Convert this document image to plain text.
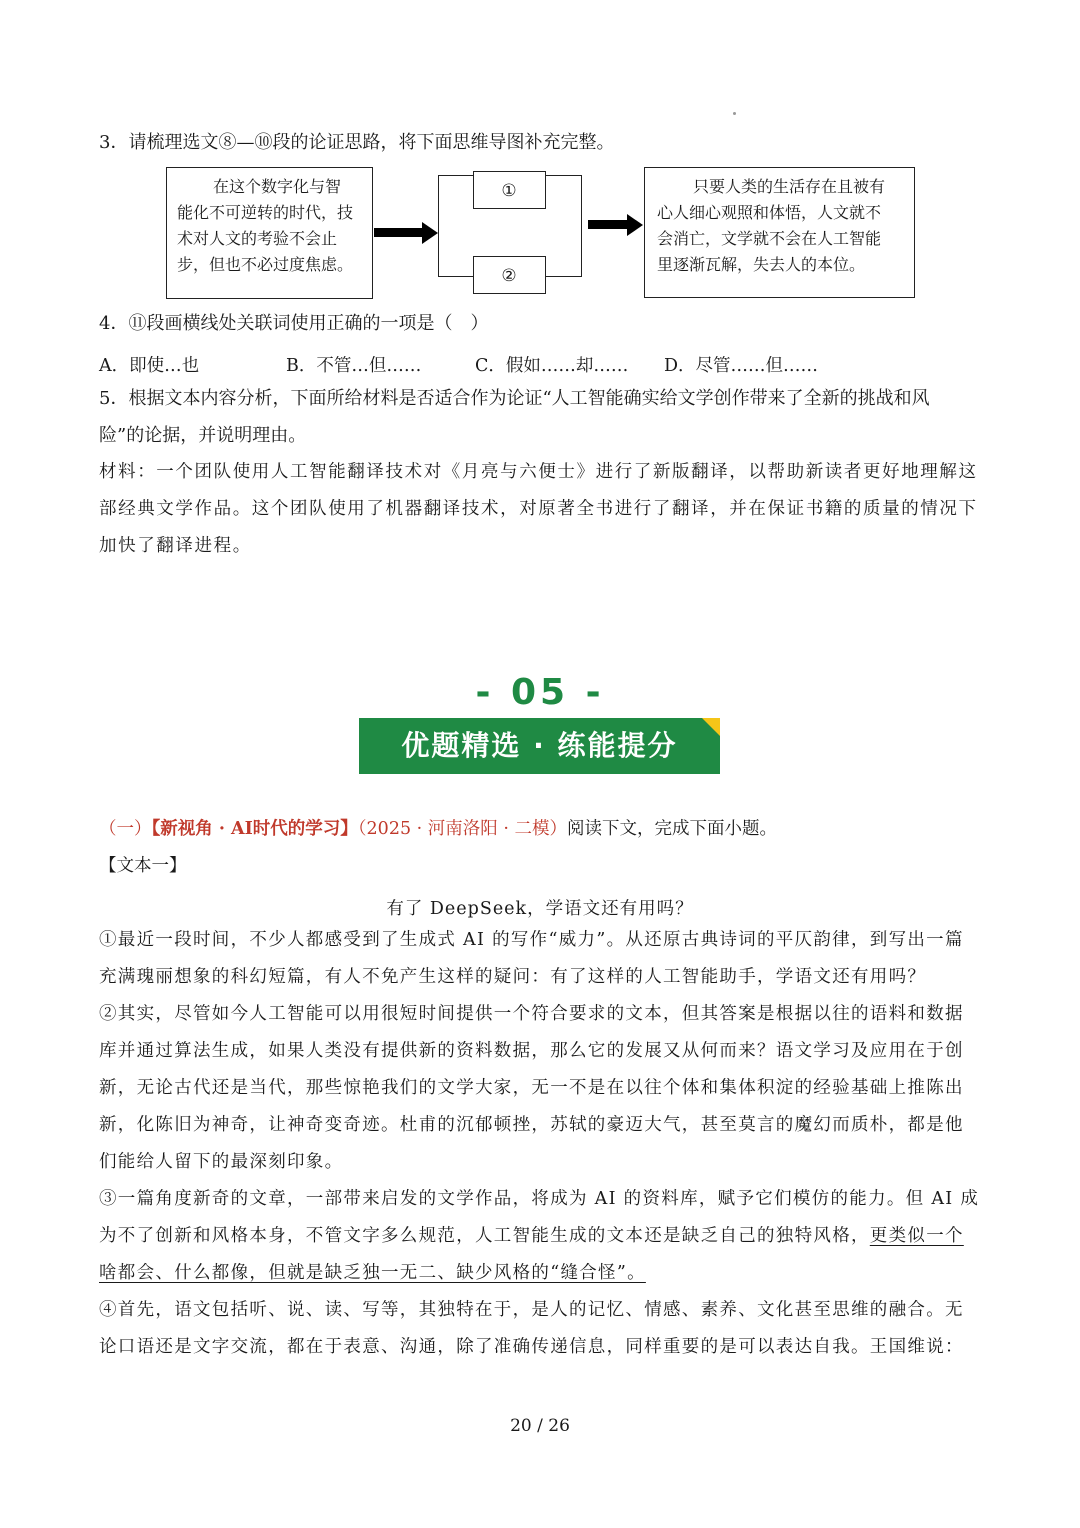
3．请梳理选文⑧—⑩段的论证思路，将下面思维导图补充完整。

在这个数字化与智

能化不可逆转的时代，技

术对人文的考验不会止

步，但也不必过度焦虑。

①
②

只要人类的生活存在且被有

心人细心观照和体悟，人文就不

会消亡，文学就不会在人工智能

里逐渐瓦解，失去人的本位。

4．⑪段画横线处关联词使用正确的一项是（　）
A．即使…也	B．不管…但……	C．假如……却…… D．尽管……但……
5．根据文本内容分析，下面所给材料是否适合作为论证“人工智能确实给文学创作带来了全新的挑战和风
险”的论据，并说明理由。
材料：一个团队使用人工智能翻译技术对《月亮与六便士》进行了新版翻译，以帮助新读者更好地理解这
部经典文学作品。这个团队使用了机器翻译技术，对原著全书进行了翻译，并在保证书籍的质量的情况下
加快了翻译进程。
- 05 -
优题精选 · 练能提分
（一）【新视角 · AI时代的学习】（2025 · 河南洛阳 · 二模）阅读下文，完成下面小题。
【文本一】
有了 DeepSeek，学语文还有用吗？
①最近一段时间，不少人都感受到了生成式 AI 的写作“威力”。从还原古典诗词的平仄韵律，到写出一篇
充满瑰丽想象的科幻短篇，有人不免产生这样的疑问：有了这样的人工智能助手，学语文还有用吗？
②其实，尽管如今人工智能可以用很短时间提供一个符合要求的文本，但其答案是根据以往的语料和数据
库并通过算法生成，如果人类没有提供新的资料数据，那么它的发展又从何而来？语文学习及应用在于创
新，无论古代还是当代，那些惊艳我们的文学大家，无一不是在以往个体和集体积淀的经验基础上推陈出
新，化陈旧为神奇，让神奇变奇迹。杜甫的沉郁顿挫，苏轼的豪迈大气，甚至莫言的魔幻而质朴，都是他
们能给人留下的最深刻印象。
③一篇角度新奇的文章，一部带来启发的文学作品，将成为 AI 的资料库，赋予它们模仿的能力。但 AI 成
为不了创新和风格本身，不管文字多么规范，人工智能生成的文本还是缺乏自己的独特风格，更类似一个
啥都会、什么都像，但就是缺乏独一无二、缺少风格的“缝合怪”。
④首先，语文包括听、说、读、写等，其独特在于，是人的记忆、情感、素养、文化甚至思维的融合。无
论口语还是文字交流，都在于表意、沟通，除了准确传递信息，同样重要的是可以表达自我。王国维说：
20 / 26
